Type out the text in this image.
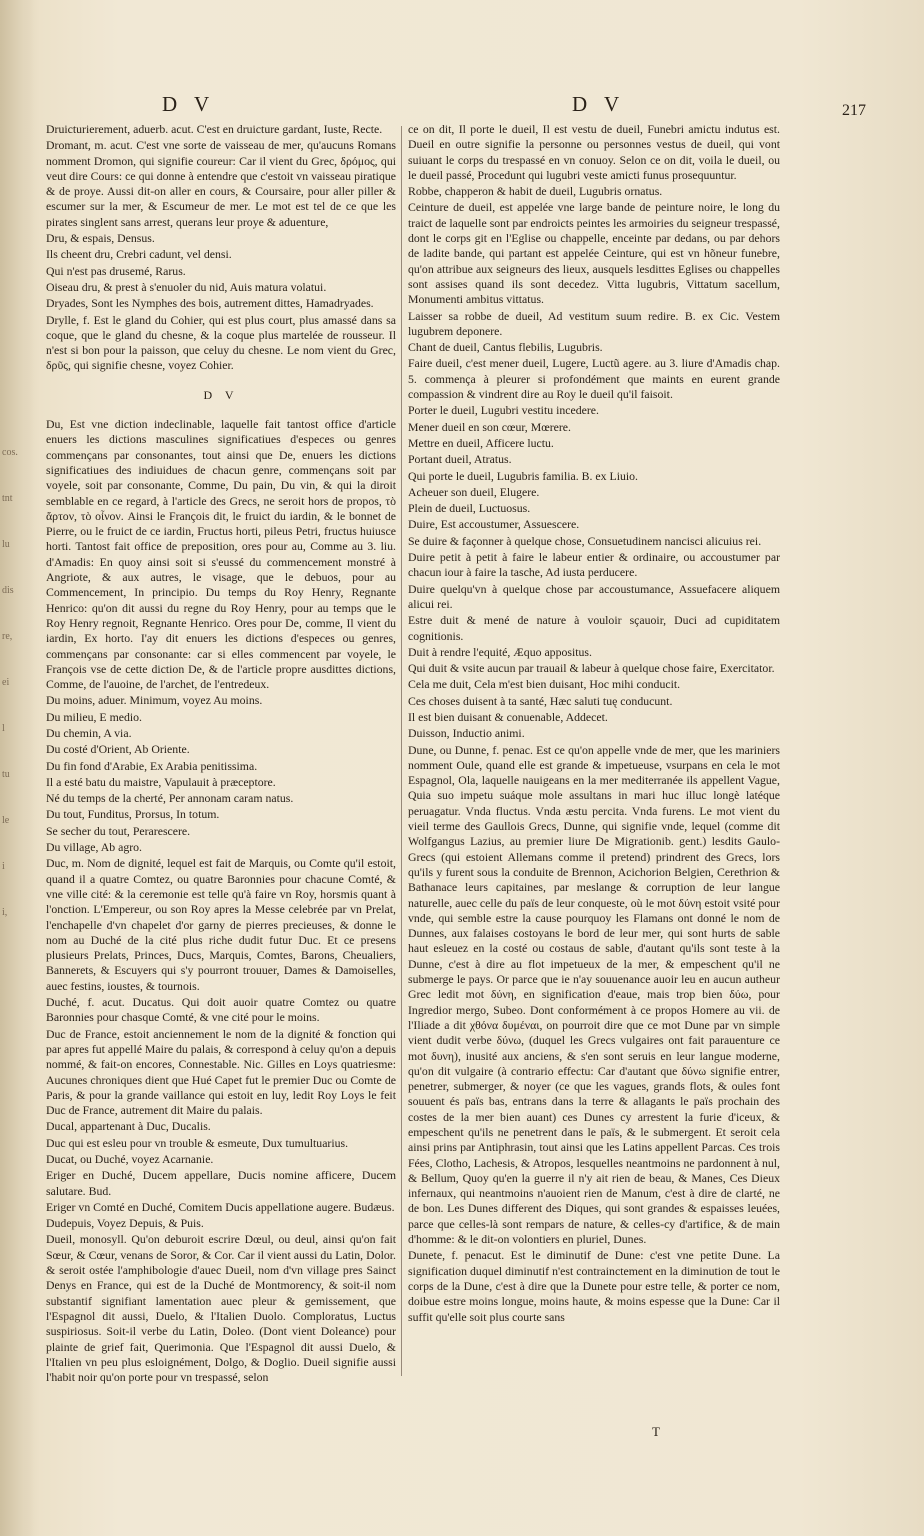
cos.
tnt
lu
dis
re,
ei
l
tu
le
i
i,
D V	D V	217

Druicturierement, aduerb. acut. C'est en druicture gardant, Iuste, Recte.

Dromant, m. acut. C'est vne sorte de vaisseau de mer, qu'aucuns Romans nomment Dromon, qui signifie coureur: Car il vient du Grec, δρόμος, qui veut dire Cours: ce qui donne à entendre que c'estoit vn vaisseau piratique & de proye. Aussi dit-on aller en cours, & Coursaire, pour aller piller & escumer sur la mer, & Escumeur de mer. Le mot est tel de ce que les pirates singlent sans arrest, querans leur proye & aduenture,

Dru, & espais, Densus.

Ils cheent dru, Crebri cadunt, vel densi.

Qui n'est pas drusemé, Rarus.

Oiseau dru, & prest à s'enuoler du nid, Auis matura volatui.

Dryades, Sont les Nymphes des bois, autrement dittes, Hamadryades.

Drylle, f. Est le gland du Cohier, qui est plus court, plus amassé dans sa coque, que le gland du chesne, & la coque plus martelée de rousseur. Il n'est si bon pour la paisson, que celuy du chesne. Le nom vient du Grec, δρῦς, qui signifie chesne, voyez Cohier.

D V

Du, Est vne diction indeclinable, laquelle fait tantost office d'article enuers les dictions masculines significatiues d'especes ou genres commençans par consonantes, tout ainsi que De, enuers les dictions significatiues des indiuidues de chacun genre, commençans soit par voyele, soit par consonante, Comme, Du pain, Du vin, & qui la diroit semblable en ce regard, à l'article des Grecs, ne seroit hors de propos, τὸ ἄρτον, τὸ οἶνον. Ainsi le François dit, le fruict du iardin, & le bonnet de Pierre, ou le fruict de ce iardin, Fructus horti, pileus Petri, fructus huiusce horti. Tantost fait office de preposition, ores pour au, Comme au 3. liu. d'Amadis: En quoy ainsi soit si s'eussé du commencement monstré à Angriote, & aux autres, le visage, que le debuos, pour au Commencement, In principio. Du temps du Roy Henry, Regnante Henrico: qu'on dit aussi du regne du Roy Henry, pour au temps que le Roy Henry regnoit, Regnante Henrico. Ores pour De, comme, Il vient du iardin, Ex horto. I'ay dit enuers les dictions d'especes ou genres, commençans par consonante: car si elles commencent par voyele, le François vse de cette diction De, & de l'article propre ausdittes dictions, Comme, de l'auoine, de l'archet, de l'entredeux.

Du moins, aduer. Minimum, voyez Au moins.

Du milieu, E medio.

Du chemin, A via.

Du costé d'Orient, Ab Oriente.

Du fin fond d'Arabie, Ex Arabia penitissima.

Il a esté batu du maistre, Vapulauit à præceptore.

Né du temps de la cherté, Per annonam caram natus.

Du tout, Funditus, Prorsus, In totum.

Se secher du tout, Perarescere.

Du village, Ab agro.

Duc, m. Nom de dignité, lequel est fait de Marquis, ou Comte qu'il estoit, quand il a quatre Comtez, ou quatre Baronnies pour chacune Comté, & vne ville cité: & la ceremonie est telle qu'à faire vn Roy, horsmis quant à l'onction. L'Empereur, ou son Roy apres la Messe celebrée par vn Prelat, l'enchapelle d'vn chapelet d'or garny de pierres precieuses, & donne le nom au Duché de la cité plus riche dudit futur Duc. Et ce presens plusieurs Prelats, Princes, Ducs, Marquis, Comtes, Barons, Cheualiers, Bannerets, & Escuyers qui s'y pourront trouuer, Dames & Damoiselles, auec festins, ioustes, & tournois.

Duché, f. acut. Ducatus. Qui doit auoir quatre Comtez ou quatre Baronnies pour chasque Comté, & vne cité pour le moins.

Duc de France, estoit anciennement le nom de la dignité & fonction qui par apres fut appellé Maire du palais, & correspond à celuy qu'on a depuis nommé, & fait-on encores, Connestable. Nic. Gilles en Loys quatriesme: Aucunes chroniques dient que Hué Capet fut le premier Duc ou Comte de Paris, & pour la grande vaillance qui estoit en luy, ledit Roy Loys le feit Duc de France, autrement dit Maire du palais.

Ducal, appartenant à Duc, Ducalis.

Duc qui est esleu pour vn trouble & esmeute, Dux tumultuarius.

Ducat, ou Duché, voyez Acarnanie.

Eriger en Duché, Ducem appellare, Ducis nomine afficere, Ducem salutare. Bud.

Eriger vn Comté en Duché, Comitem Ducis appellatione augere. Budæus.

Dudepuis, Voyez Depuis, & Puis.

Dueil, monosyll. Qu'on deburoit escrire Dœul, ou deul, ainsi qu'on fait Sœur, & Cœur, venans de Soror, & Cor. Car il vient aussi du Latin, Dolor. & seroit ostée l'amphibologie d'auec Dueil, nom d'vn village pres Sainct Denys en France, qui est de la Duché de Montmorency, & soit-il nom substantif signifiant lamentation auec pleur & gemissement, que l'Espagnol dit aussi, Duelo, & l'Italien Duolo. Comploratus, Luctus suspiriosus. Soit-il verbe du Latin, Doleo. (Dont vient Doleance) pour plainte de grief fait, Querimonia. Que l'Espagnol dit aussi Duelo, & l'Italien vn peu plus esloignément, Dolgo, & Doglio. Dueil signifie aussi l'habit noir qu'on porte pour vn trespassé, selon

ce on dit, Il porte le dueil, Il est vestu de dueil, Funebri amictu indutus est. Dueil en outre signifie la personne ou personnes vestus de dueil, qui vont suiuant le corps du trespassé en vn conuoy. Selon ce on dit, voila le dueil, ou le dueil passé, Procedunt qui lugubri veste amicti funus prosequuntur.

Robbe, chapperon & habit de dueil, Lugubris ornatus.

Ceinture de dueil, est appelée vne large bande de peinture noire, le long du traict de laquelle sont par endroicts peintes les armoiries du seigneur trespassé, dont le corps git en l'Eglise ou chappelle, enceinte par dedans, ou par dehors de ladite bande, qui partant est appelée Ceinture, qui est vn hõneur funebre, qu'on attribue aux seigneurs des lieux, ausquels lesdittes Eglises ou chappelles sont assises quand ils sont decedez. Vitta lugubris, Vittatum sacellum, Monumenti ambitus vittatus.

Laisser sa robbe de dueil, Ad vestitum suum redire. B. ex Cic. Vestem lugubrem deponere.

Chant de dueil, Cantus flebilis, Lugubris.

Faire dueil, c'est mener dueil, Lugere, Luctũ agere. au 3. liure d'Amadis chap. 5. commença à pleurer si profondément que maints en eurent grande compassion & vindrent dire au Roy le dueil qu'il faisoit.

Porter le dueil, Lugubri vestitu incedere.

Mener dueil en son cœur, Mœrere.

Mettre en dueil, Afficere luctu.

Portant dueil, Atratus.

Qui porte le dueil, Lugubris familia. B. ex Liuio.

Acheuer son dueil, Elugere.

Plein de dueil, Luctuosus.

Duire, Est accoustumer, Assuescere.

Se duire & façonner à quelque chose, Consuetudinem nancisci alicuius rei.

Duire petit à petit à faire le labeur entier & ordinaire, ou accoustumer par chacun iour à faire la tasche, Ad iusta perducere.

Duire quelqu'vn à quelque chose par accoustumance, Assuefacere aliquem alicui rei.

Estre duit & mené de nature à vouloir sçauoir, Duci ad cupiditatem cognitionis.

Duit à rendre l'equité, Æquo appositus.

Qui duit & vsite aucun par trauail & labeur à quelque chose faire, Exercitator.

Cela me duit, Cela m'est bien duisant, Hoc mihi conducit.

Ces choses duisent à ta santé, Hæc saluti tuę conducunt.

Il est bien duisant & conuenable, Addecet.

Duisson, Inductio animi.

Dune, ou Dunne, f. penac. Est ce qu'on appelle vnde de mer, que les mariniers nomment Oule, quand elle est grande & impetueuse, vsurpans en cela le mot Espagnol, Ola, laquelle nauigeans en la mer mediterranée ils appellent Vague, Quia suo impetu suáque mole assultans in mari huc illuc longè latéque peruagatur. Vnda fluctus. Vnda æstu percita. Vnda furens. Le mot vient du vieil terme des Gaullois Grecs, Dunne, qui signifie vnde, lequel (comme dit Wolfgangus Lazius, au premier liure De Migrationib. gent.) lesdits Gaulo-Grecs (qui estoient Allemans comme il pretend) prindrent des Grecs, lors qu'ils y furent sous la conduite de Brennon, Acichorion Belgien, Cerethrion & Bathanace leurs capitaines, par meslange & corruption de leur langue naturelle, auec celle du païs de leur conqueste, où le mot δύνη estoit vsité pour vnde, qui semble estre la cause pourquoy les Flamans ont donné le nom de Dunnes, aux falaises costoyans le bord de leur mer, qui sont hurts de sable haut esleuez en la costé ou costaus de sable, d'autant qu'ils sont teste à la Dunne, c'est à dire au flot impetueux de la mer, & empeschent qu'il ne submerge le pays. Or parce que ie n'ay souuenance auoir leu en aucun autheur Grec ledit mot δύνη, en signification d'eaue, mais trop bien δύω, pour Ingredior mergo, Subeo. Dont conformément à ce propos Homere au vii. de l'Iliade a dit χθόνα δυμέναι, on pourroit dire que ce mot Dune par vn simple vient dudit verbe δύνω, (duquel les Grecs vulgaires ont fait parauenture ce mot δυνη), inusité aux anciens, & s'en sont seruis en leur langue moderne, qu'on dit vulgaire (à contrario effectu: Car d'autant que δύνω signifie entrer, penetrer, submerger, & noyer (ce que les vagues, grands flots, & oules font souuent és païs bas, entrans dans la terre & allagants le païs prochain des costes de la mer bien auant) ces Dunes cy arrestent la furie d'iceux, & empeschent qu'ils ne penetrent dans le païs, & le submergent. Et seroit cela ainsi prins par Antiphrasin, tout ainsi que les Latins appellent Parcas. Ces trois Fées, Clotho, Lachesis, & Atropos, lesquelles neantmoins ne pardonnent à nul, & Bellum, Quoy qu'en la guerre il n'y ait rien de beau, & Manes, Ces Dieux infernaux, qui neantmoins n'auoient rien de Manum, c'est à dire de clarté, ne de bon. Les Dunes different des Diques, qui sont grandes & espaisses leuées, parce que celles-là sont rempars de nature, & celles-cy d'artifice, & de main d'homme: & le dit-on volontiers en pluriel, Dunes.

Dunete, f. penacut. Est le diminutif de Dune: c'est vne petite Dune. La signification duquel diminutif n'est contrainctement en la diminution de tout le corps de la Dune, c'est à dire que la Dunete pour estre telle, & porter ce nom, doibue estre moins longue, moins haute, & moins espesse que la Dune: Car il suffit qu'elle soit plus courte sans

T
